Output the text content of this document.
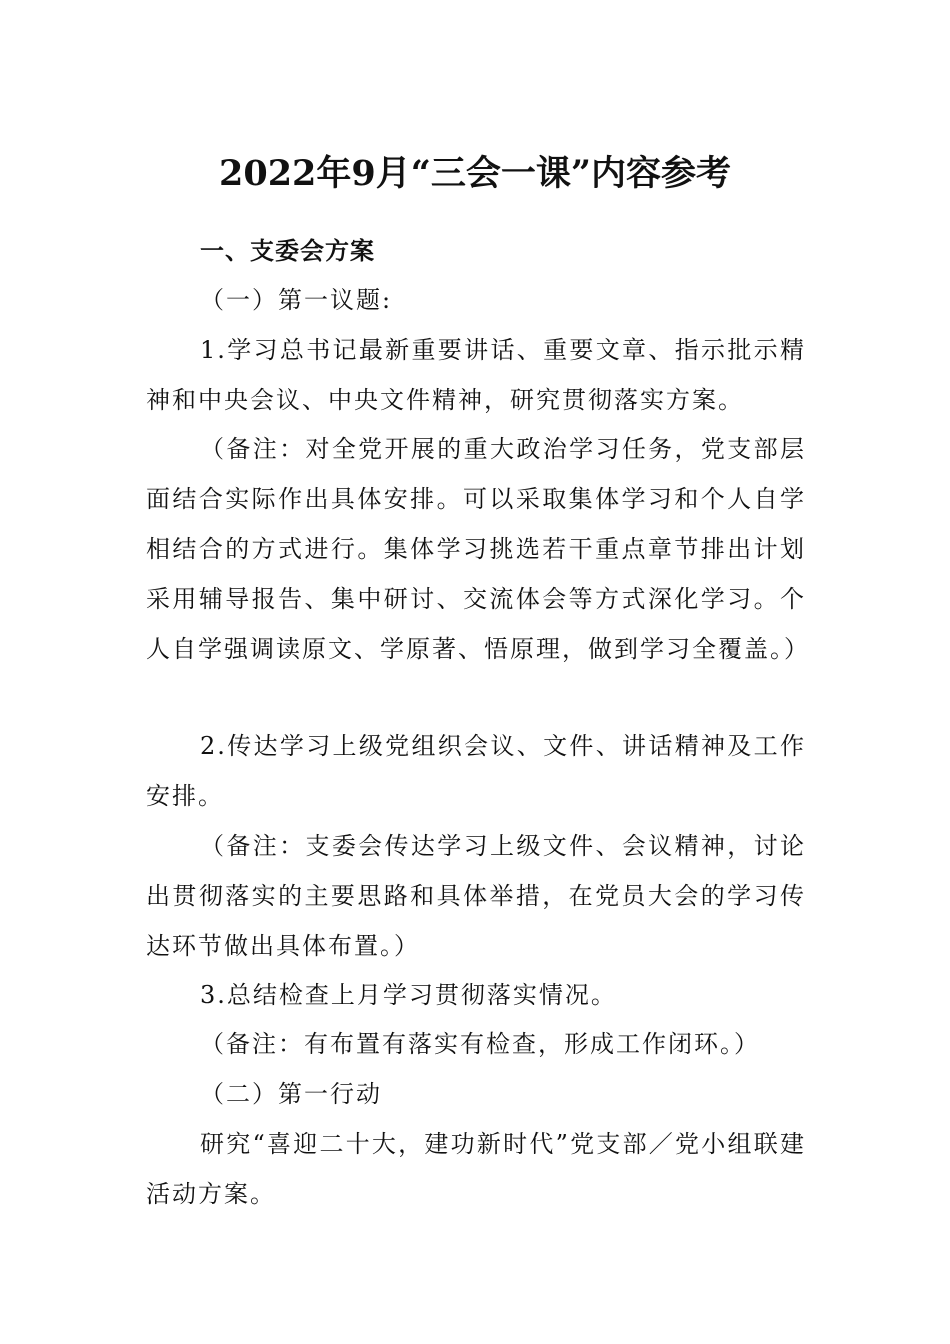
2022年9月“三会一课”内容参考

一、支委会方案

（一）第一议题:

1.学习总书记最新重要讲话、重要文章、指示批示精神和中央会议、中央文件精神，研究贯彻落实方案。

（备注：对全党开展的重大政治学习任务，党支部层面结合实际作出具体安排。可以采取集体学习和个人自学相结合的方式进行。集体学习挑选若干重点章节排出计划采用辅导报告、集中研讨、交流体会等方式深化学习。个人自学强调读原文、学原著、悟原理，做到学习全覆盖。）

2.传达学习上级党组织会议、文件、讲话精神及工作安排。

（备注：支委会传达学习上级文件、会议精神，讨论出贯彻落实的主要思路和具体举措，在党员大会的学习传达环节做出具体布置。）

3.总结检查上月学习贯彻落实情况。

（备注：有布置有落实有检查，形成工作闭环。）

（二）第一行动

研究“喜迎二十大，建功新时代”党支部／党小组联建活动方案。
